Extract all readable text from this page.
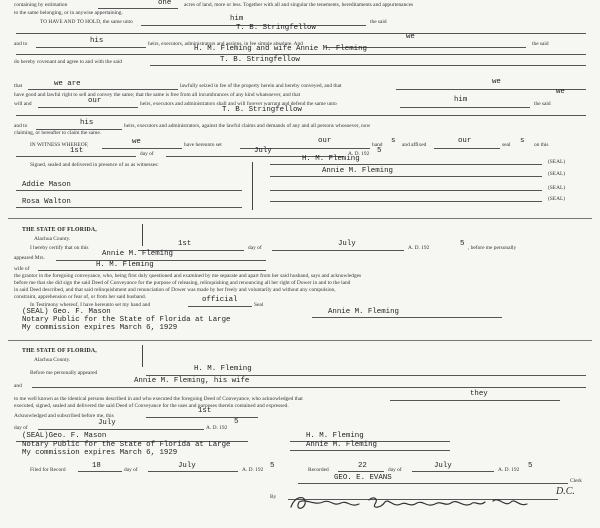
containing by estimation	one acres of land, more or less. Together with all and singular the tenements, hereditaments and appurtenances
to the same belonging, or in anywise appertaining.
TO HAVE AND TO HOLD, the same unto	him	the said
T. B. Stringfellow
and to	his	heirs, executors, administrators and assigns, in fee simple absolute. And
we
the said
H. M. Fleming and wife Annie M. Fleming
do hereby covenant and agree to and with the said	T. B. Stringfellow
that	we are	lawfully seized in fee of the property herein and hereby conveyed, and that	we
have good and lawful right to sell and convey the same; that the same is free from all incumbrances of any kind whatsoever, and that	we
will and	our	heirs, executors and administrators shall and will forever warrant and defend the same unto	him	the said
T. B. Stringfellow
and to	his	heirs, executors and administrators, against the lawful claims and demands of any and all persons whosoever, now
claiming, or hereafter to claim the same.
IN WITNESS WHEREOF,	we	have hereunto set	our	hand s and affixed	our	seal s on this
1st	day of	July	A. D. 192 5
Signed, sealed and delivered in presence of us as witnesses:
Addie Mason
Rosa Walton
H. M. Fleming	(SEAL)
Annie M. Fleming	(SEAL)
(SEAL)
(SEAL)
THE STATE OF FLORIDA,
Alachua County.
I hereby certify that on this	1st	day of	July	A. D. 192	5 , before me personally
appeared Mrs.	Annie M. Fleming
wife of	H. M. Fleming
the grantor in the foregoing conveyance, who, being first duly questioned and examined by me separate and apart from her said husband, says and acknowledges
before me that she did sign the said Deed of Conveyance for the purpose of releasing, relinquishing and renouncing all her right of Dower in and to the land
in said Deed described, and that said relinquishment and renunciation of Dower was made by her freely and voluntarily and without any compulsion,
constraint, apprehension or fear of, or from her said husband.
In Testimony whereof, I have hereunto set my hand and
official
Seal
(SEAL) Geo. F. Mason
Notary Public for the State of Florida at Large
My commission expires March 6, 1929
Annie M. Fleming
THE STATE OF FLORIDA,
Alachua County.
Before me personally appeared	H. M. Fleming
and
Annie M. Fleming, his wife
to me well known as the identical persons described in and who executed the foregoing Deed of Conveyance, who acknowledged that
they
executed, signed, sealed and delivered the said Deed of Conveyance for the uses and purposes therein contained and expressed.
Acknowledged and subscribed before me, this
1st
day of
July
A. D. 192
5
(SEAL)Geo. F. Mason
Notary Public for the State of Florida at Large
My commission expires March 6, 1929
H. M. Fleming
Annie M. Fleming
Filed for Record	18	day of	July	A. D. 192 5	Recorded	22	day of	July	A. D. 192 5
GEO. E. EVANS	Clerk
By	D.C.
